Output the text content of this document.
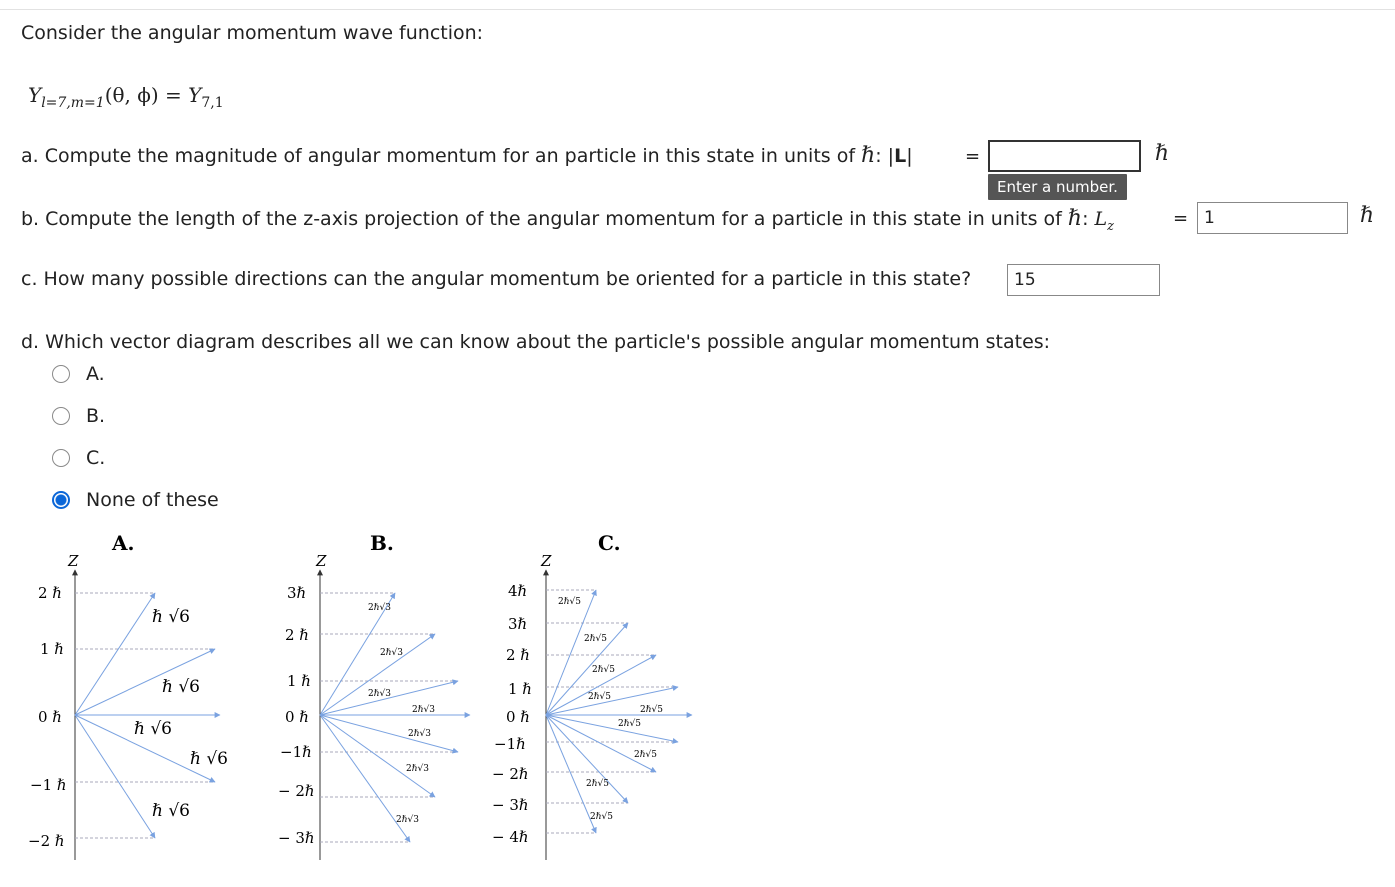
Consider the angular momentum wave function:
$Y_{l=7,m=1}(\theta$, $\phi) = Y_{7,1}$
a. Compute the magnitude of angular momentum for an particle in this state in units of ℏ: |L|	=	ℏ
Enter a number.
b. Compute the length of the z-axis projection of the angular momentum for a particle in this state in units of ℏ: $L_z$	=
1	ℏ
c. How many possible directions can the angular momentum be oriented for a particle in this state?
15
d. Which vector diagram describes all we can know about the particle's possible angular momentum states:
A.
B.
C.
None of these
A.	B.	C.
Z
2 ℏ
1 ℏ
0 ℏ
−1 ℏ
−2 ℏ
ℏ √6
ℏ √6
ℏ √6
ℏ √6
ℏ √6
Z
3ℏ
2 ℏ
1 ℏ
0 ℏ
−1ℏ
− 2ℏ
− 3ℏ
2ℏ√3
2ℏ√3
2ℏ√3
2ℏ√3
2ℏ√3
2ℏ√3
2ℏ√3
Z
4ℏ
3ℏ
2 ℏ
1 ℏ
0 ℏ
−1ℏ
− 2ℏ
− 3ℏ
− 4ℏ
2ℏ√5
2ℏ√5
2ℏ√5
2ℏ√5
2ℏ√5
2ℏ√5
2ℏ√5
2ℏ√5
2ℏ√5
